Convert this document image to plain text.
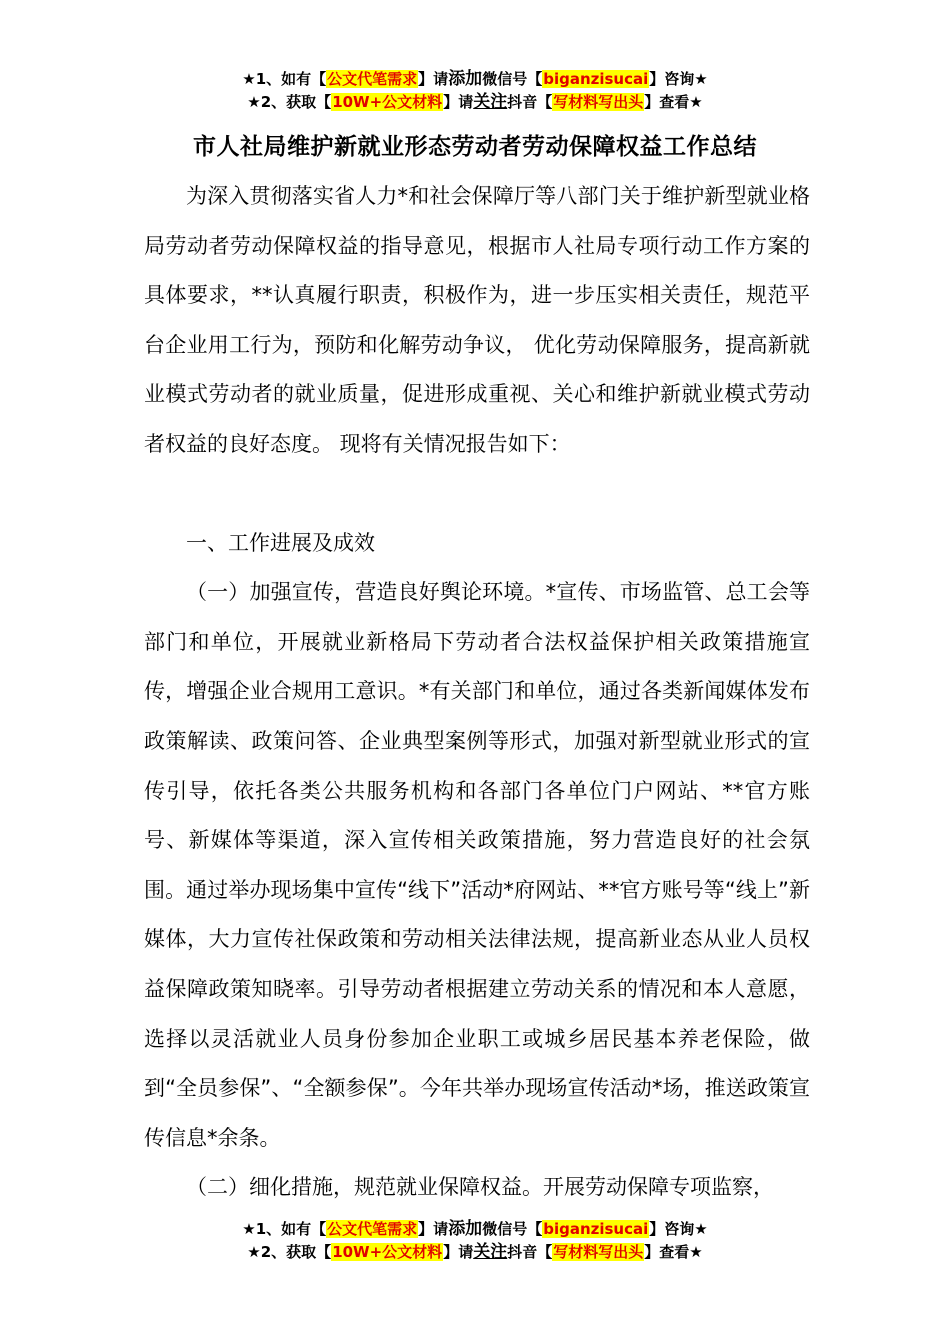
★1、如有【公文代笔需求】请添加微信号【biganzisucai】咨询★
★2、获取【10W+公文材料】请关注抖音【写材料写出头】查看★
市人社局维护新就业形态劳动者劳动保障权益工作总结

为深入贯彻落实省人力*和社会保障厅等八部门关于维护新型就业格局劳动者劳动保障权益的指导意见，根据市人社局专项行动工作方案的具体要求，**认真履行职责，积极作为，进一步压实相关责任，规范平台企业用工行为，预防和化解劳动争议， 优化劳动保障服务，提高新就业模式劳动者的就业质量，促进形成重视、关心和维护新就业模式劳动者权益的良好态度。 现将有关情况报告如下：

一、工作进展及成效

（一）加强宣传，营造良好舆论环境。*宣传、市场监管、总工会等部门和单位，开展就业新格局下劳动者合法权益保护相关政策措施宣传，增强企业合规用工意识。*有关部门和单位，通过各类新闻媒体发布政策解读、政策问答、企业典型案例等形式，加强对新型就业形式的宣传引导，依托各类公共服务机构和各部门各单位门户网站、**官方账号、新媒体等渠道，深入宣传相关政策措施，努力营造良好的社会氛围。通过举办现场集中宣传“线下”活动*府网站、**官方账号等“线上”新媒体，大力宣传社保政策和劳动相关法律法规，提高新业态从业人员权益保障政策知晓率。引导劳动者根据建立劳动关系的情况和本人意愿，选择以灵活就业人员身份参加企业职工或城乡居民基本养老保险，做到“全员参保”、“全额参保”。今年共举办现场宣传活动*场，推送政策宣传信息*余条。

（二）细化措施，规范就业保障权益。开展劳动保障专项监察，

★1、如有【公文代笔需求】请添加微信号【biganzisucai】咨询★
★2、获取【10W+公文材料】请关注抖音【写材料写出头】查看★
